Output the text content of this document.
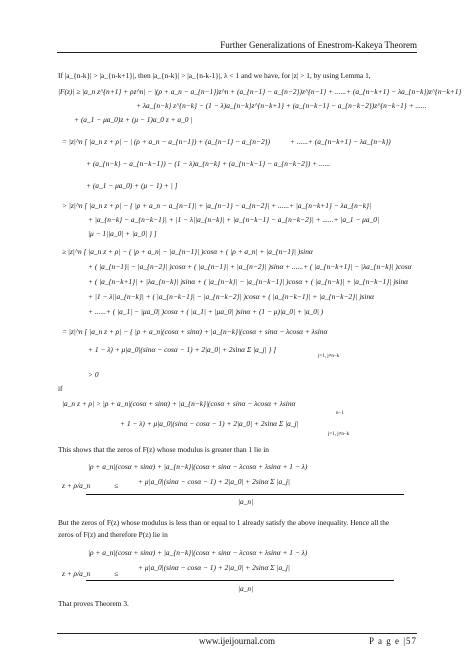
Further Generalizations of Enestrom-Kakeya Theorem
If |a_{n-k}| > |a_{n-k+1}|, then |a_{n-k}| > |a_{n-k-1}|, λ < 1 and we have, for |z| > 1, by using Lemma 1,
|F(z)| ≥ |a_n z^{n+1} + ρz^n| − |(ρ + a_n − a_{n−1})z^n + (a_{n−1} − a_{n−2})z^{n−1} + ......+ (a_{n−k+1} − λa_{n−k})z^{n−k+1}
+ λa_{n−k} z^{n−k} − (1 − λ)a_{n−k}z^{n−k+1} + (a_{n−k−1} − a_{n−k−2})z^{n−k−1} + ......
+ (a_1 − μa_0)z + (μ − 1)a_0 z + a_0 |
= |z|^n [ |a_n z + ρ| − | (ρ + a_n − a_{n−1}) + (a_{n−1} − a_{n−2})	+ ......+ (a_{n−k+1} − λa_{n−k})
+ (a_{n−k} − a_{n−k−1}) − (1 − λ)a_{n−k} + (a_{n−k−1} − a_{n−k−2}) + ......
+ (a_1 − μa_0) + (μ − 1) + | ]
> |z|^n [ |a_n z + ρ| − { |ρ + a_n − a_{n−1}| + |a_{n−1} − a_{n−2}| + ......+ |a_{n−k+1} − λa_{n−k}|
+ |a_{n−k} − a_{n−k−1}| + |1 − λ||a_{n−k}| + |a_{n−k−1} − a_{n−k−2}| + ......+ |a_1 − μa_0|
|μ − 1||a_0| + |a_0| } ]
≥ |z|^n [ |a_n z + ρ| − ( |ρ + a_n| − |a_{n−1}| )cosα + ( |ρ + a_n| + |a_{n−1}| )sinα
+ ( |a_{n−1}| − |a_{n−2}| )cosα + ( |a_{n−1}| + |a_{n−2}| )sinα + ......+ ( |a_{n−k+1}| − |λa_{n−k}| )cosα
+ ( |a_{n−k+1}| + |λa_{n−k}| )sinα + ( |a_{n−k}| − |a_{n−k−1}| )cosα + ( |a_{n−k}| + |a_{n−k−1}| )sinα
+ |1 − λ||a_{n−k}| + ( |a_{n−k−1}| − |a_{n−k−2}| )cosα + ( |a_{n−k−1}| + |a_{n−k−2}| )sinα
+ ......+ ( |a_1| − |μa_0| )cosα + ( |a_1| + |μa_0| )sinα + (1 − μ)|a_0| + |a_0| )
= |z|^n [ |a_n z + ρ| − { |ρ + a_n|(cosα + sinα) + |a_{n−k}|(cosα + sinα − λcosα + λsinα
+ 1 − λ) + μ|a_0|(sinα − cosα − 1) + 2|a_0| + 2sinα Σ |a_j| } ]
j=1, j≠n−k
> 0
if
|a_n z + ρ| > |ρ + a_n|(cosα + sinα) + |a_{n−k}|(cosα + sinα − λcosα + λsinα
n−1
+ 1 − λ) + μ|a_0|(sinα − cosα − 1) + 2|a_0| + 2sinα Σ |a_j|
j=1, j≠n−k
This shows that the zeros of F(z) whose modulus is greater than 1 lie in
|ρ + a_n|(cosα + sinα) + |a_{n−k}|(cosα + sinα − λcosα + λsinα + 1 − λ)
z + ρ/a_n	≤	+ μ|a_0|(sinα − cosα − 1) + 2|a_0| + 2sinα Σ |a_j|
|a_n|
But the zeros of F(z) whose modulus is less than or equal to 1 already satisfy the above inequality. Hence all the
zeros of F(z) and therefore P(z) lie in
|ρ + a_n|(cosα + sinα) + |a_{n−k}|(cosα + sinα − λcosα + λsinα + 1 − λ)
z + ρ/a_n	≤
+ μ|a_0|(sinα − cosα − 1) + 2|a_0| + 2sinα Σ |a_j|
|a_n|
That proves Theorem 3.
www.ijeijournal.com	P a g e |57
